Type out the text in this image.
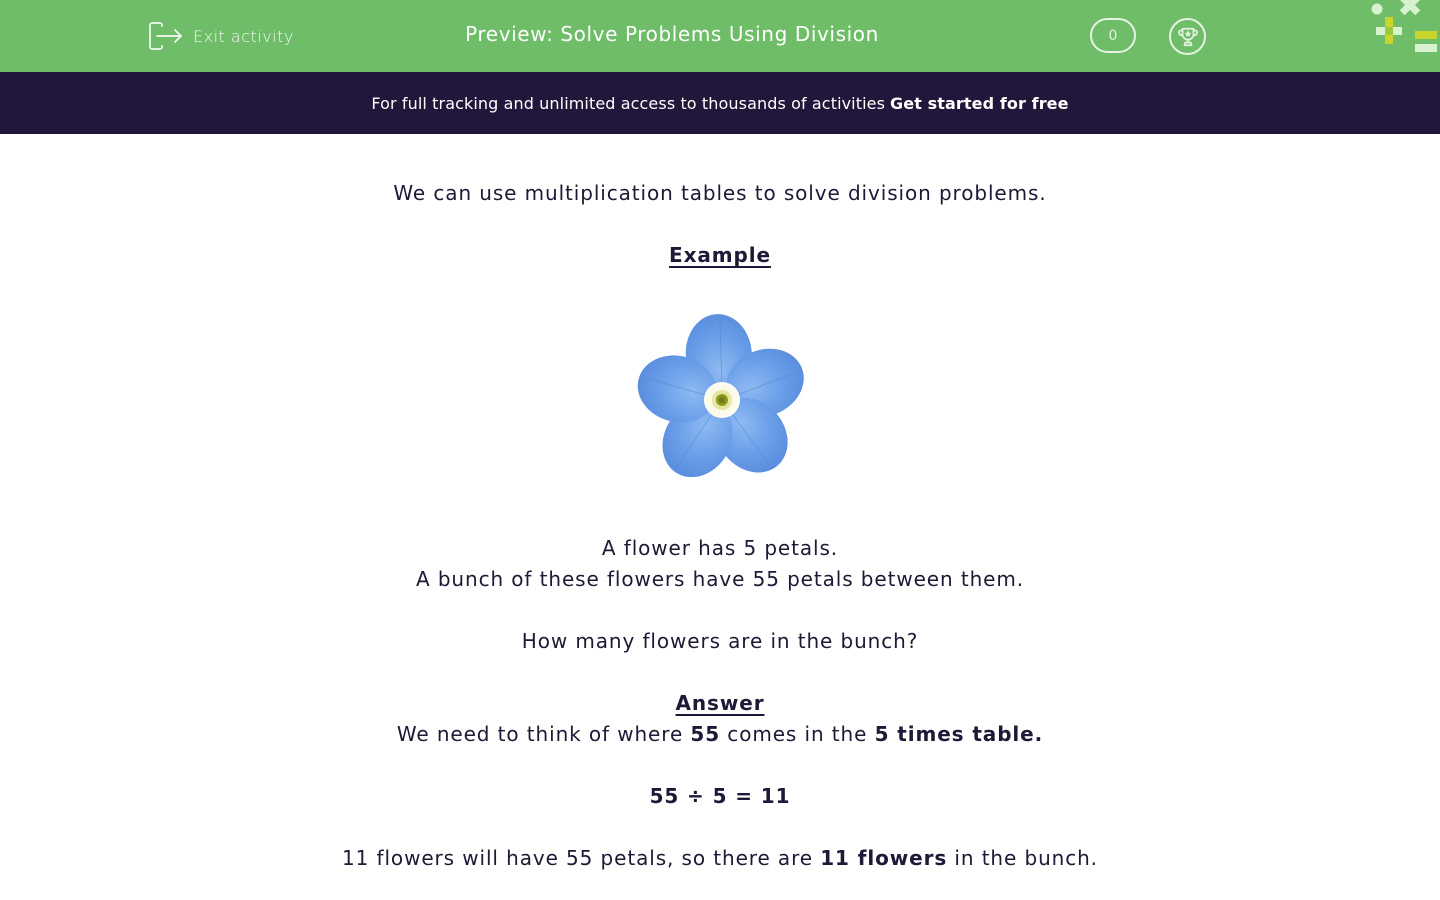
Exit activity	Preview: Solve Problems Using Division	0
For full tracking and unlimited access to thousands of activities Get started for free
We can use multiplication tables to solve division problems.
Example
A flower has 5 petals.
A bunch of these flowers have 55 petals between them.
How many flowers are in the bunch?
Answer
We need to think of where 55 comes in the 5 times table.
55 ÷ 5 = 11
11 flowers will have 55 petals, so there are 11 flowers in the bunch.
